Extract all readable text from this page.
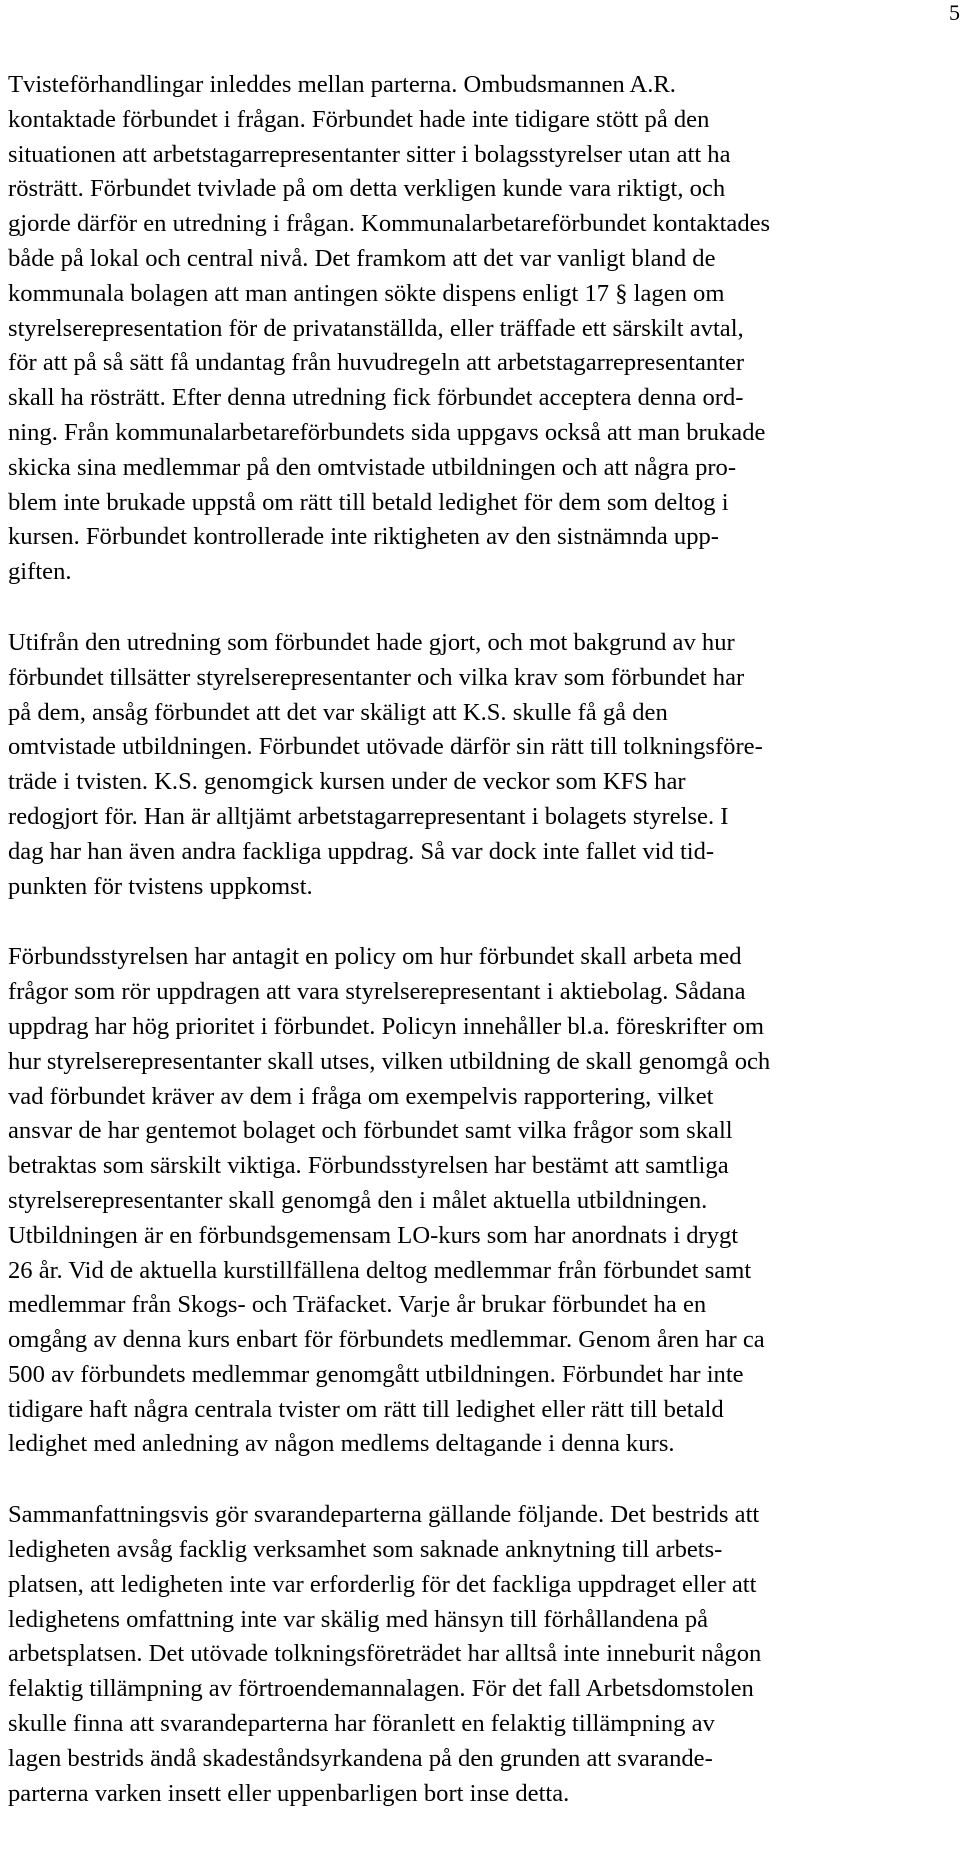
5

Tvisteförhandlingar inleddes mellan parterna. Ombudsmannen A.R.
kontaktade förbundet i frågan. Förbundet hade inte tidigare stött på den
situationen att arbetstagarrepresentanter sitter i bolagsstyrelser utan att ha
rösträtt. Förbundet tvivlade på om detta verkligen kunde vara riktigt, och
gjorde därför en utredning i frågan. Kommunalarbetareförbundet kontaktades
både på lokal och central nivå. Det framkom att det var vanligt bland de
kommunala bolagen att man antingen sökte dispens enligt 17 § lagen om
styrelserepresentation för de privatanställda, eller träffade ett särskilt avtal,
för att på så sätt få undantag från huvudregeln att arbetstagarrepresentanter
skall ha rösträtt. Efter denna utredning fick förbundet acceptera denna ord-
ning. Från kommunalarbetareförbundets sida uppgavs också att man brukade
skicka sina medlemmar på den omtvistade utbildningen och att några pro-
blem inte brukade uppstå om rätt till betald ledighet för dem som deltog i
kursen. Förbundet kontrollerade inte riktigheten av den sistnämnda upp-
giften.

Utifrån den utredning som förbundet hade gjort, och mot bakgrund av hur
förbundet tillsätter styrelserepresentanter och vilka krav som förbundet har
på dem, ansåg förbundet att det var skäligt att K.S. skulle få gå den
omtvistade utbildningen. Förbundet utövade därför sin rätt till tolkningsföre-
träde i tvisten. K.S. genomgick kursen under de veckor som KFS har
redogjort för. Han är alltjämt arbetstagarrepresentant i bolagets styrelse. I
dag har han även andra fackliga uppdrag. Så var dock inte fallet vid tid-
punkten för tvistens uppkomst.

Förbundsstyrelsen har antagit en policy om hur förbundet skall arbeta med
frågor som rör uppdragen att vara styrelserepresentant i aktiebolag. Sådana
uppdrag har hög prioritet i förbundet. Policyn innehåller bl.a. föreskrifter om
hur styrelserepresentanter skall utses, vilken utbildning de skall genomgå och
vad förbundet kräver av dem i fråga om exempelvis rapportering, vilket
ansvar de har gentemot bolaget och förbundet samt vilka frågor som skall
betraktas som särskilt viktiga. Förbundsstyrelsen har bestämt att samtliga
styrelserepresentanter skall genomgå den i målet aktuella utbildningen.
Utbildningen är en förbundsgemensam LO-kurs som har anordnats i drygt
26 år. Vid de aktuella kurstillfällena deltog medlemmar från förbundet samt
medlemmar från Skogs- och Träfacket. Varje år brukar förbundet ha en
omgång av denna kurs enbart för förbundets medlemmar. Genom åren har ca
500 av förbundets medlemmar genomgått utbildningen. Förbundet har inte
tidigare haft några centrala tvister om rätt till ledighet eller rätt till betald
ledighet med anledning av någon medlems deltagande i denna kurs.

Sammanfattningsvis gör svarandeparterna gällande följande. Det bestrids att
ledigheten avsåg facklig verksamhet som saknade anknytning till arbets-
platsen, att ledigheten inte var erforderlig för det fackliga uppdraget eller att
ledighetens omfattning inte var skälig med hänsyn till förhållandena på
arbetsplatsen. Det utövade tolkningsföreträdet har alltså inte inneburit någon
felaktig tillämpning av förtroendemannalagen. För det fall Arbetsdomstolen
skulle finna att svarandeparterna har föranlett en felaktig tillämpning av
lagen bestrids ändå skadeståndsyrkandena på den grunden att svarande-
parterna varken insett eller uppenbarligen bort inse detta.
